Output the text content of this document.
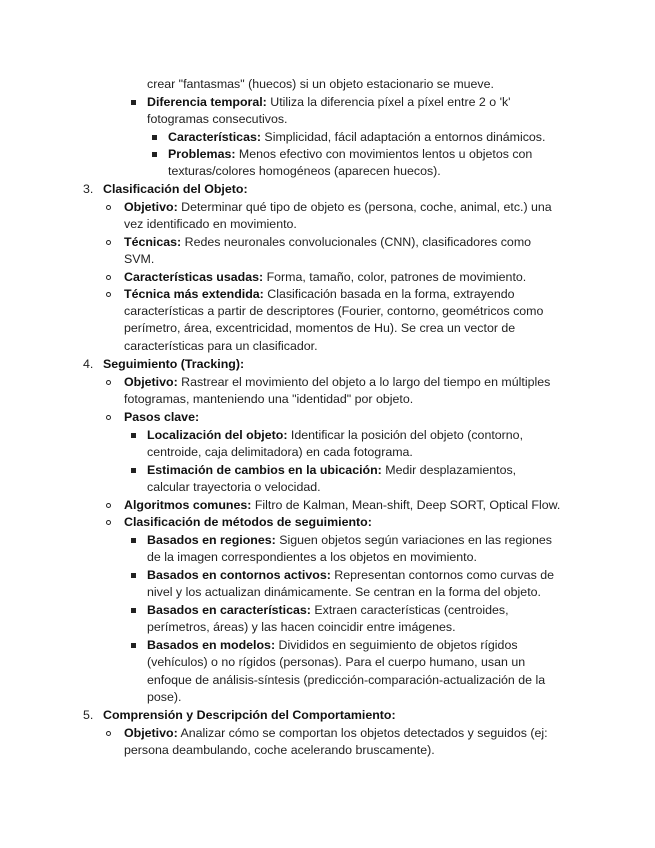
crear "fantasmas" (huecos) si un objeto estacionario se mueve.
Diferencia temporal: Utiliza la diferencia píxel a píxel entre 2 o 'k'
fotogramas consecutivos.
Características: Simplicidad, fácil adaptación a entornos dinámicos.
Problemas: Menos efectivo con movimientos lentos u objetos con
texturas/colores homogéneos (aparecen huecos).
3. Clasificación del Objeto:
Objetivo: Determinar qué tipo de objeto es (persona, coche, animal, etc.) una
vez identificado en movimiento.
Técnicas: Redes neuronales convolucionales (CNN), clasificadores como
SVM.
Características usadas: Forma, tamaño, color, patrones de movimiento.
Técnica más extendida: Clasificación basada en la forma, extrayendo
características a partir de descriptores (Fourier, contorno, geométricos como
perímetro, área, excentricidad, momentos de Hu). Se crea un vector de
características para un clasificador.
4. Seguimiento (Tracking):
Objetivo: Rastrear el movimiento del objeto a lo largo del tiempo en múltiples
fotogramas, manteniendo una "identidad" por objeto.
Pasos clave:
Localización del objeto: Identificar la posición del objeto (contorno,
centroide, caja delimitadora) en cada fotograma.
Estimación de cambios en la ubicación: Medir desplazamientos,
calcular trayectoria o velocidad.
Algoritmos comunes: Filtro de Kalman, Mean-shift, Deep SORT, Optical Flow.
Clasificación de métodos de seguimiento:
Basados en regiones: Siguen objetos según variaciones en las regiones
de la imagen correspondientes a los objetos en movimiento.
Basados en contornos activos: Representan contornos como curvas de
nivel y los actualizan dinámicamente. Se centran en la forma del objeto.
Basados en características: Extraen características (centroides,
perímetros, áreas) y las hacen coincidir entre imágenes.
Basados en modelos: Divididos en seguimiento de objetos rígidos
(vehículos) o no rígidos (personas). Para el cuerpo humano, usan un
enfoque de análisis-síntesis (predicción-comparación-actualización de la
pose).
5. Comprensión y Descripción del Comportamiento:
Objetivo: Analizar cómo se comportan los objetos detectados y seguidos (ej:
persona deambulando, coche acelerando bruscamente).
